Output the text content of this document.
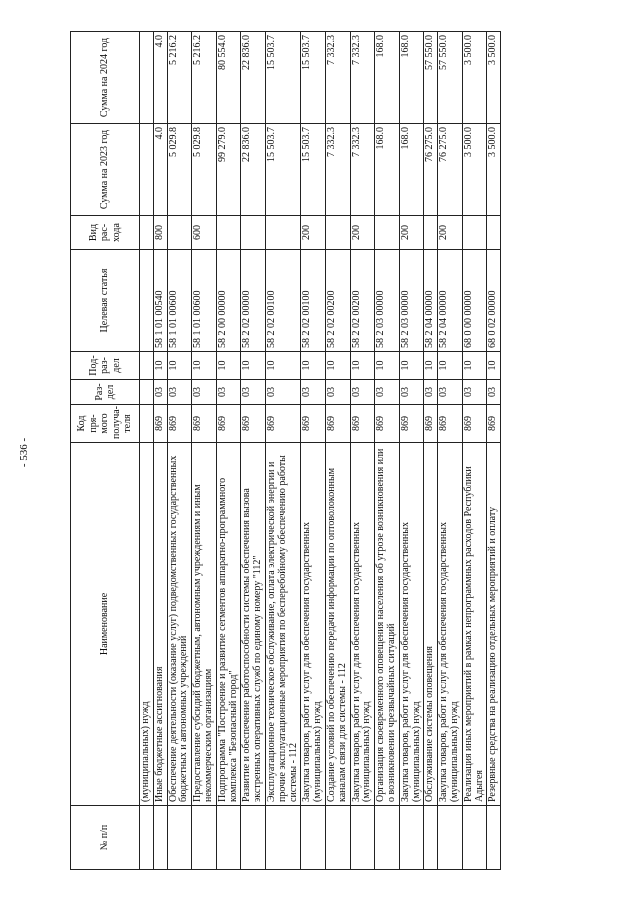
- 536 -
№ п/п	Наименование	Код пря- мого получа- теля	Раз- дел	Под- раз- дел	Целевая статья	Вид рас- хода	Сумма на 2023 год	Сумма на 2024 год
	(муниципальных) нужд							
	Иные бюджетные ассигнования	869	03	10	58 1 01 00540	800	4.0	4.0
	Обеспечение деятельности (оказание услуг) подведомственных государственных бюджетных и автономных учреждений	869	03	10	58 1 01 00600		5 029.8	5 216.2
	Предоставление субсидий бюджетным, автономным учреждениям и иным некоммерческим организациям	869	03	10	58 1 01 00600	600	5 029.8	5 216.2
	Подпрограмма "Построение и развитие сегментов аппаратно-программного комплекса "Безопасный город"	869	03	10	58 2 00 00000		99 279.0	80 554.0
	Развитие и обеспечение работоспособности системы обеспечения вызова экстренных оперативных служб по единому номеру "112"	869	03	10	58 2 02 00000		22 836.0	22 836.0
	Эксплуатационное техническое обслуживание, оплата электрической энергии и прочие эксплуатационные мероприятия по бесперебойному обеспечению работы системы - 112	869	03	10	58 2 02 00100		15 503.7	15 503.7
	Закупка товаров, работ и услуг для обеспечения государственных (муниципальных) нужд	869	03	10	58 2 02 00100	200	15 503.7	15 503.7
	Создание условий по обеспечению передачи информации по оптоволоконным каналам связи для системы - 112	869	03	10	58 2 02 00200		7 332.3	7 332.3
	Закупка товаров, работ и услуг для обеспечения государственных (муниципальных) нужд	869	03	10	58 2 02 00200	200	7 332.3	7 332.3
	Организация своевременного оповещения населения об угрозе возникновения или о возникновении чрезвычайных ситуаций	869	03	10	58 2 03 00000		168.0	168.0
	Закупка товаров, работ и услуг для обеспечения государственных (муниципальных) нужд	869	03	10	58 2 03 00000	200	168.0	168.0
	Обслуживание системы оповещения	869	03	10	58 2 04 00000		76 275.0	57 550.0
	Закупка товаров, работ и услуг для обеспечения государственных (муниципальных) нужд	869	03	10	58 2 04 00000	200	76 275.0	57 550.0
	Реализация иных мероприятий в рамках непрограммных расходов Республики Адыгея	869	03	10	68 0 00 00000		3 500.0	3 500.0
	Резервные средства на реализацию отдельных мероприятий и оплату	869	03	10	68 0 02 00000		3 500.0	3 500.0
